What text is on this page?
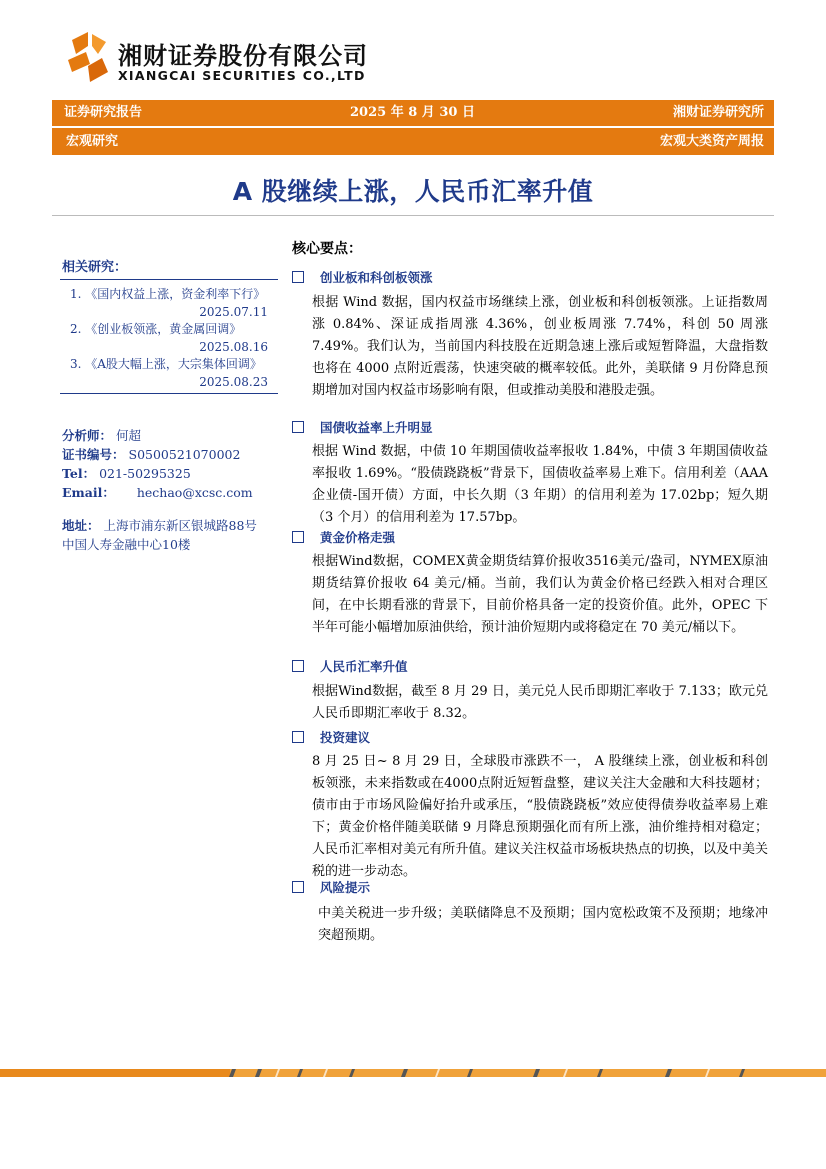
湘财证券股份有限公司
XIANGCAI SECURITIES CO.,LTD
证券研究报告	2025 年 8 月 30 日	湘财证券研究所
宏观研究	宏观大类资产周报
A 股继续上涨，人民币汇率升值
相关研究：
1. 《国内权益上涨，资金利率下行》
2025.07.11
2. 《创业板领涨，黄金属回调》
2025.08.16
3. 《A股大幅上涨，大宗集体回调》
2025.08.23
分析师： 何超
证书编号： S0500521070002
Tel： 021-50295325
Email： hechao@xcsc.com
地址： 上海市浦东新区银城路88号
中国人寿金融中心10楼
核心要点：
创业板和科创板领涨
根据 Wind 数据，国内权益市场继续上涨，创业板和科创板领涨。上证指数周涨 0.84%、深证成指周涨 4.36%，创业板周涨 7.74%，科创 50 周涨 7.49%。我们认为，当前国内科技股在近期急速上涨后或短暂降温，大盘指数也将在 4000 点附近震荡，快速突破的概率较低。此外，美联储 9 月份降息预期增加对国内权益市场影响有限，但或推动美股和港股走强。
国债收益率上升明显
根据 Wind 数据，中债 10 年期国债收益率报收 1.84%，中债 3 年期国债收益率报收 1.69%。“股债跷跷板”背景下，国债收益率易上难下。信用利差（AAA 企业债-国开债）方面，中长久期（3 年期）的信用利差为 17.02bp；短久期（3 个月）的信用利差为 17.57bp。
黄金价格走强
根据Wind数据，COMEX黄金期货结算价报收3516美元/盎司，NYMEX原油期货结算价报收 64 美元/桶。当前，我们认为黄金价格已经跌入相对合理区间，在中长期看涨的背景下，目前价格具备一定的投资价值。此外，OPEC 下半年可能小幅增加原油供给，预计油价短期内或将稳定在 70 美元/桶以下。
人民币汇率升值
根据Wind数据，截至 8 月 29 日，美元兑人民币即期汇率收于 7.133；欧元兑人民币即期汇率收于 8.32。
投资建议
8 月 25 日~ 8 月 29 日，全球股市涨跌不一， A 股继续上涨，创业板和科创板领涨，未来指数或在4000点附近短暂盘整，建议关注大金融和大科技题材；债市由于市场风险偏好抬升或承压，“股债跷跷板”效应使得债券收益率易上难下；黄金价格伴随美联储 9 月降息预期强化而有所上涨，油价维持相对稳定；人民币汇率相对美元有所升值。建议关注权益市场板块热点的切换，以及中美关税的进一步动态。
风险提示
中美关税进一步升级；美联储降息不及预期；国内宽松政策不及预期；地缘冲突超预期。
